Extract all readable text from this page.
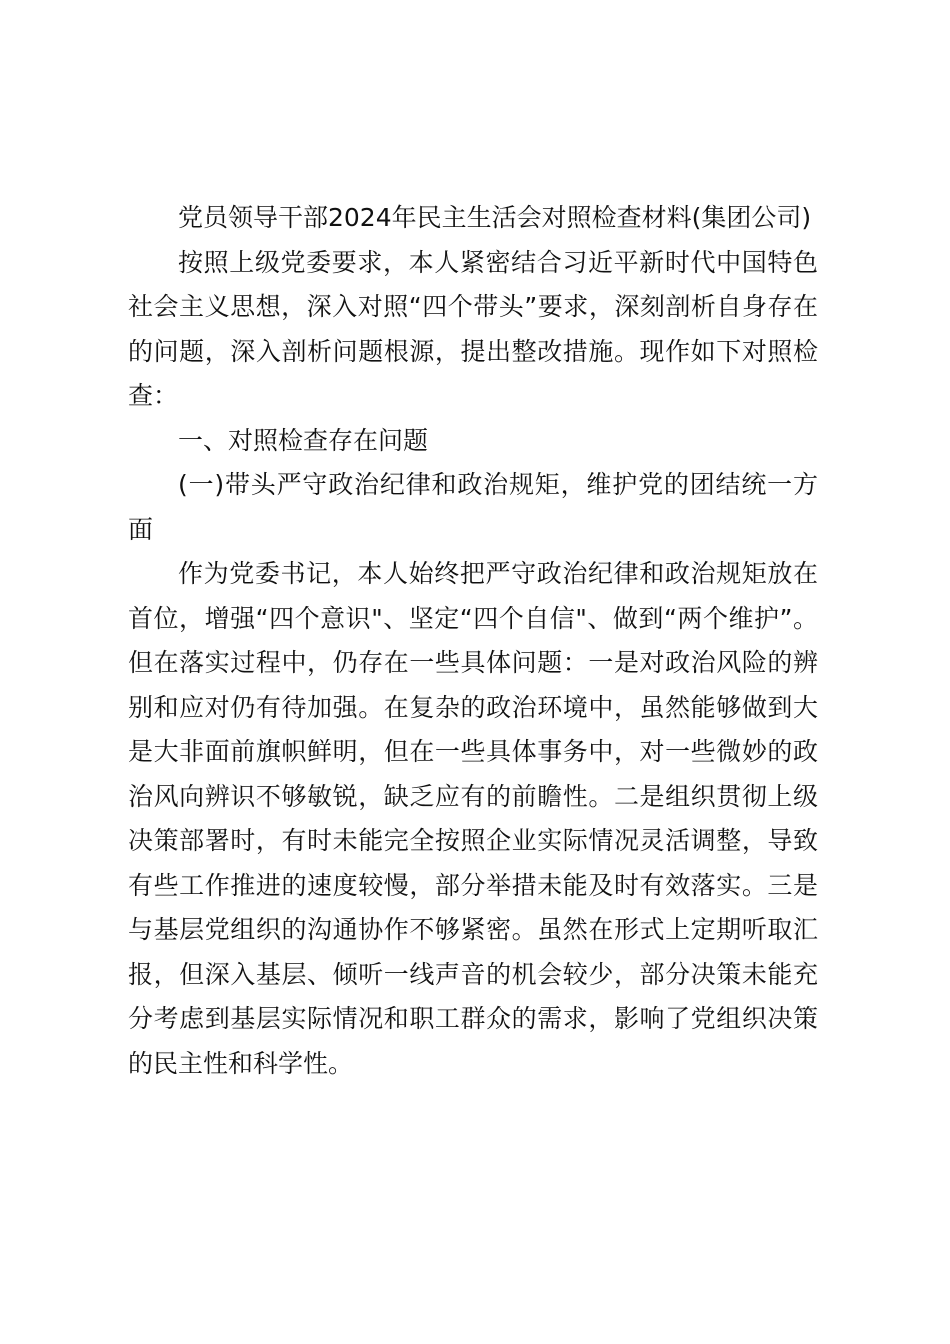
党员领导干部2024年民主生活会对照检查材料(集团公司)

按照上级党委要求，本人紧密结合习近平新时代中国特色社会主义思想，深入对照“四个带头”要求，深刻剖析自身存在的问题，深入剖析问题根源，提出整改措施。现作如下对照检查：

一、对照检查存在问题

(一)带头严守政治纪律和政治规矩，维护党的团结统一方面

作为党委书记，本人始终把严守政治纪律和政治规矩放在首位，增强“四个意识"、坚定“四个自信"、做到“两个维护”。但在落实过程中，仍存在一些具体问题：一是对政治风险的辨别和应对仍有待加强。在复杂的政治环境中，虽然能够做到大是大非面前旗帜鲜明，但在一些具体事务中，对一些微妙的政治风向辨识不够敏锐，缺乏应有的前瞻性。二是组织贯彻上级决策部署时，有时未能完全按照企业实际情况灵活调整，导致有些工作推进的速度较慢，部分举措未能及时有效落实。三是与基层党组织的沟通协作不够紧密。虽然在形式上定期听取汇报，但深入基层、倾听一线声音的机会较少，部分决策未能充分考虑到基层实际情况和职工群众的需求，影响了党组织决策的民主性和科学性。
